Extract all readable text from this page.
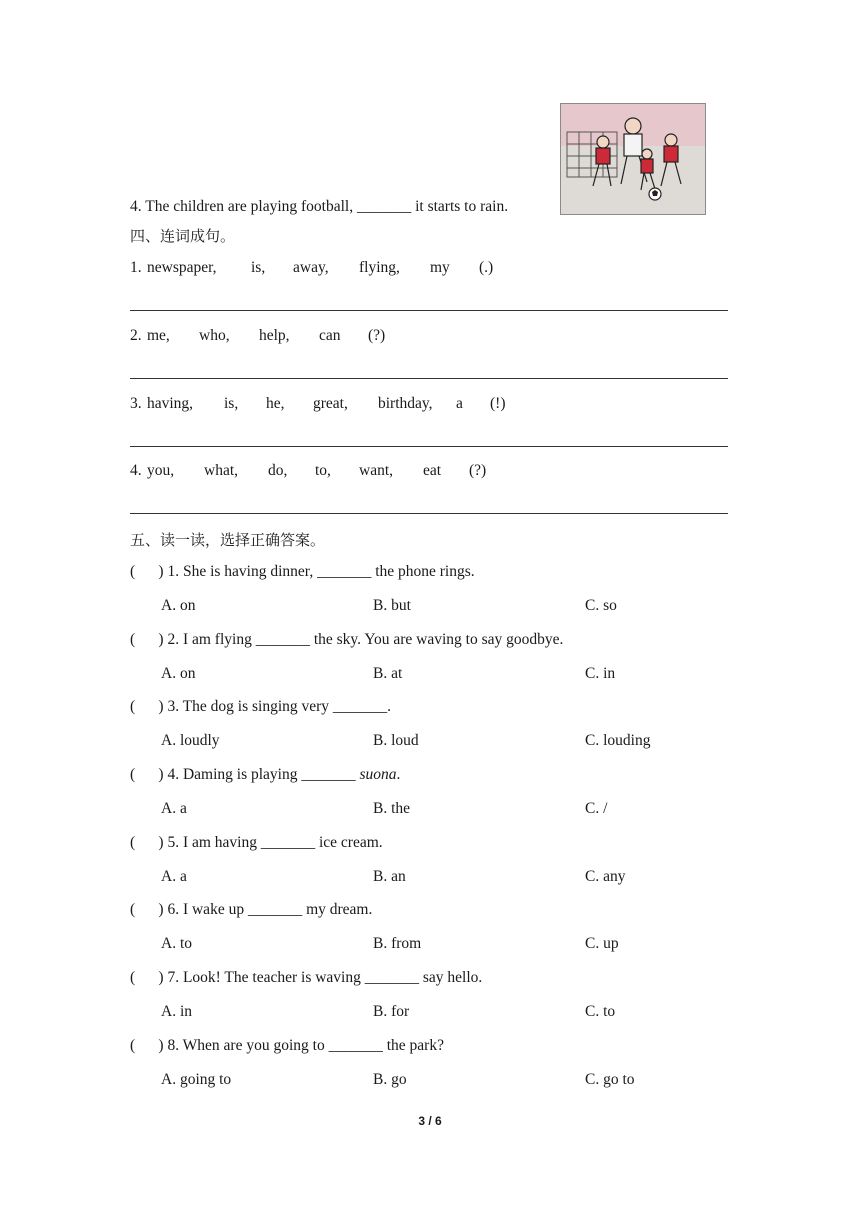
4. The children are playing football, _______ it starts to rain.
四、连词成句。
1. newspaper, is, away, flying, my (.)
2. me, who, help, can (?)
3. having, is, he, great, birthday, a (!)
4. you, what, do, to, want, eat (?)
五、读一读，选择正确答案。
(      ) 1. She is having dinner, _______ the phone rings.
A. on	B. but	C. so
(      ) 2. I am flying _______ the sky. You are waving to say goodbye.
A. on	B. at	C. in
(      ) 3. The dog is singing very _______.
A. loudly	B. loud	C. louding
(      ) 4. Daming is playing _______ suona.
A. a	B. the	C. /
(      ) 5. I am having _______ ice cream.
A. a	B. an	C. any
(      ) 6. I wake up _______ my dream.
A. to	B. from	C. up
(      ) 7. Look! The teacher is waving _______ say hello.
A. in	B. for	C. to
(      ) 8. When are you going to _______ the park?
A. going to	B. go	C. go to
3 / 6
